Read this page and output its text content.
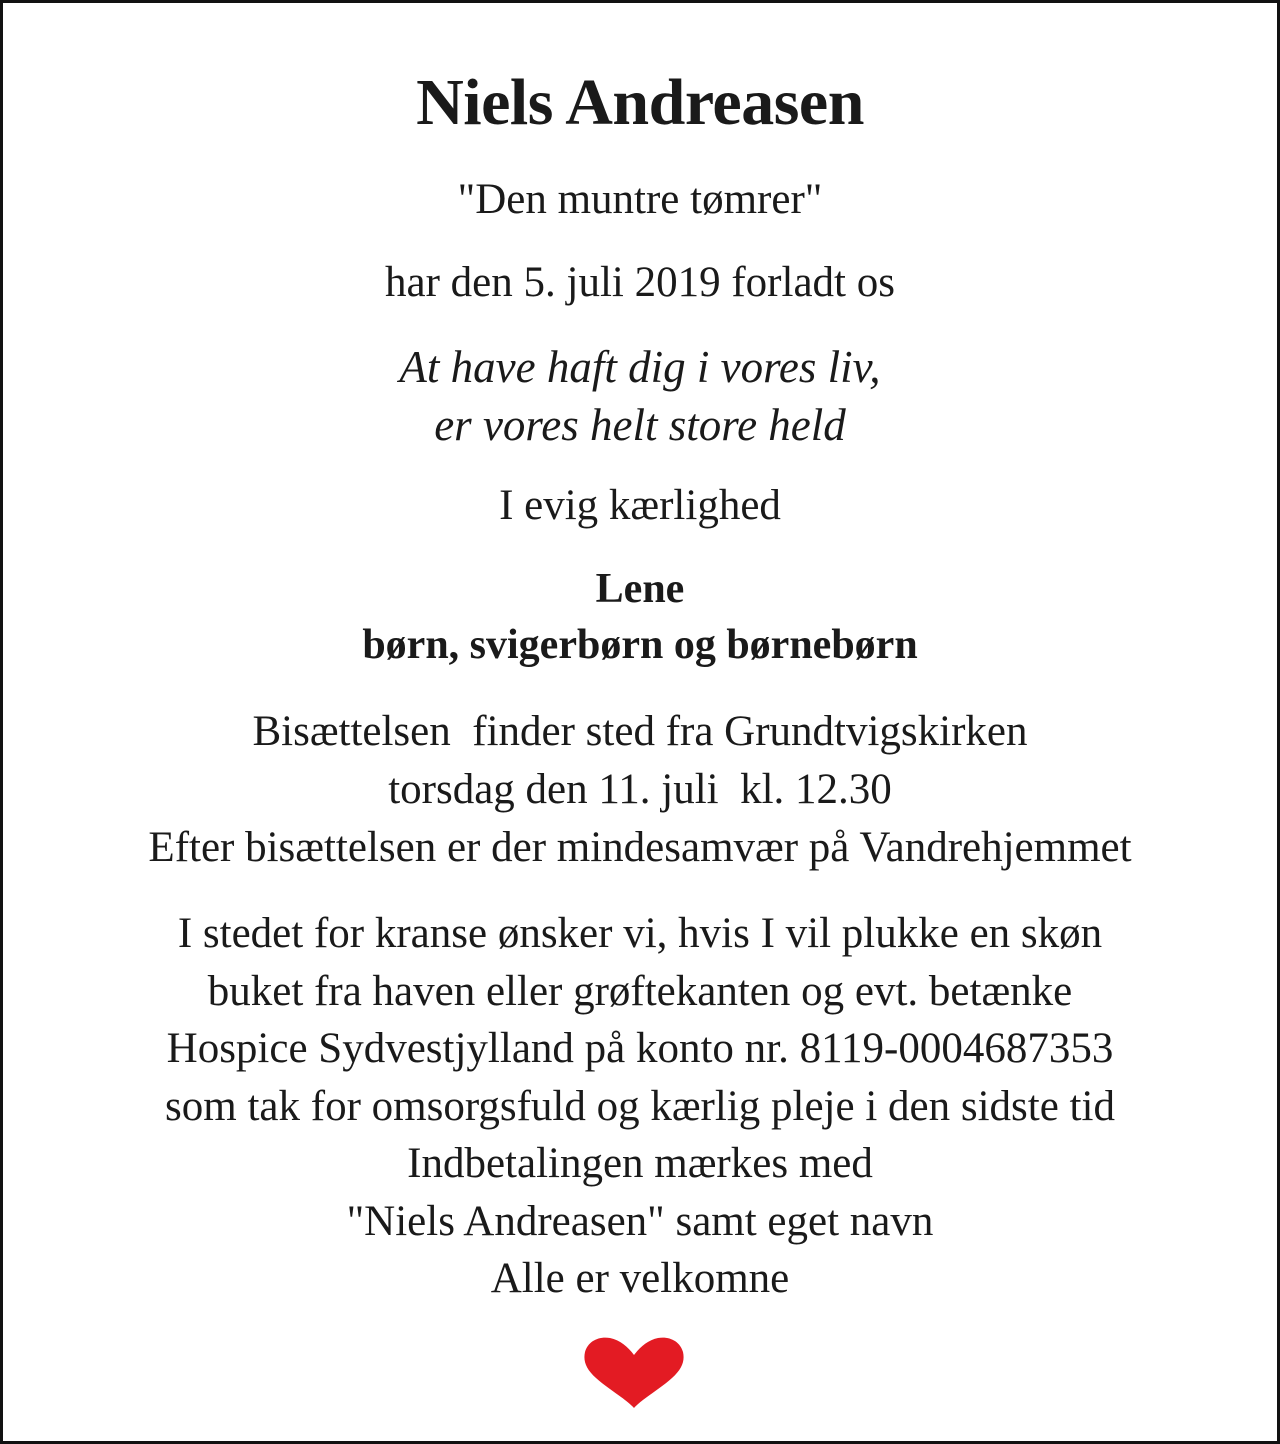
Niels Andreasen
"Den muntre tømrer"
har den 5. juli 2019 forladt os
At have haft dig i vores liv,
er vores helt store held
I evig kærlighed
Lene
børn, svigerbørn og børnebørn
Bisættelsen  finder sted fra Grundtvigskirken
torsdag den 11. juli  kl. 12.30
Efter bisættelsen er der mindesamvær på Vandrehjemmet
I stedet for kranse ønsker vi, hvis I vil plukke en skøn
buket fra haven eller grøftekanten og evt. betænke
Hospice Sydvestjylland på konto nr. 8119-0004687353
som tak for omsorgsfuld og kærlig pleje i den sidste tid
Indbetalingen mærkes med
"Niels Andreasen" samt eget navn
Alle er velkomne
